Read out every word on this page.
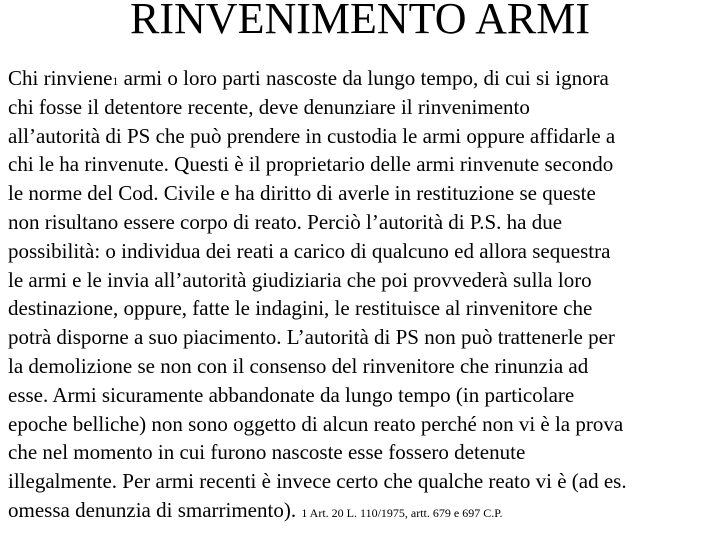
RINVENIMENTO ARMI
Chi rinviene1 armi o loro parti nascoste da lungo tempo, di cui si ignora
chi fosse il detentore recente, deve denunziare il rinvenimento
all’autorità di PS che può prendere in custodia le armi oppure affidarle a
chi le ha rinvenute. Questi è il proprietario delle armi rinvenute secondo
le norme del Cod. Civile e ha diritto di averle in restituzione se queste
non risultano essere corpo di reato. Perciò l’autorità di P.S. ha due
possibilità: o individua dei reati a carico di qualcuno ed allora sequestra
le armi e le invia all’autorità giudiziaria che poi provvederà sulla loro
destinazione, oppure, fatte le indagini, le restituisce al rinvenitore che
potrà disporne a suo piacimento. L’autorità di PS non può trattenerle per
la demolizione se non con il consenso del rinvenitore che rinunzia ad
esse. Armi sicuramente abbandonate da lungo tempo (in particolare
epoche belliche) non sono oggetto di alcun reato perché non vi è la prova
che nel momento in cui furono nascoste esse fossero detenute
illegalmente. Per armi recenti è invece certo che qualche reato vi è (ad es.
omessa denunzia di smarrimento). 1 Art. 20 L. 110/1975, artt. 679 e 697 C.P.
